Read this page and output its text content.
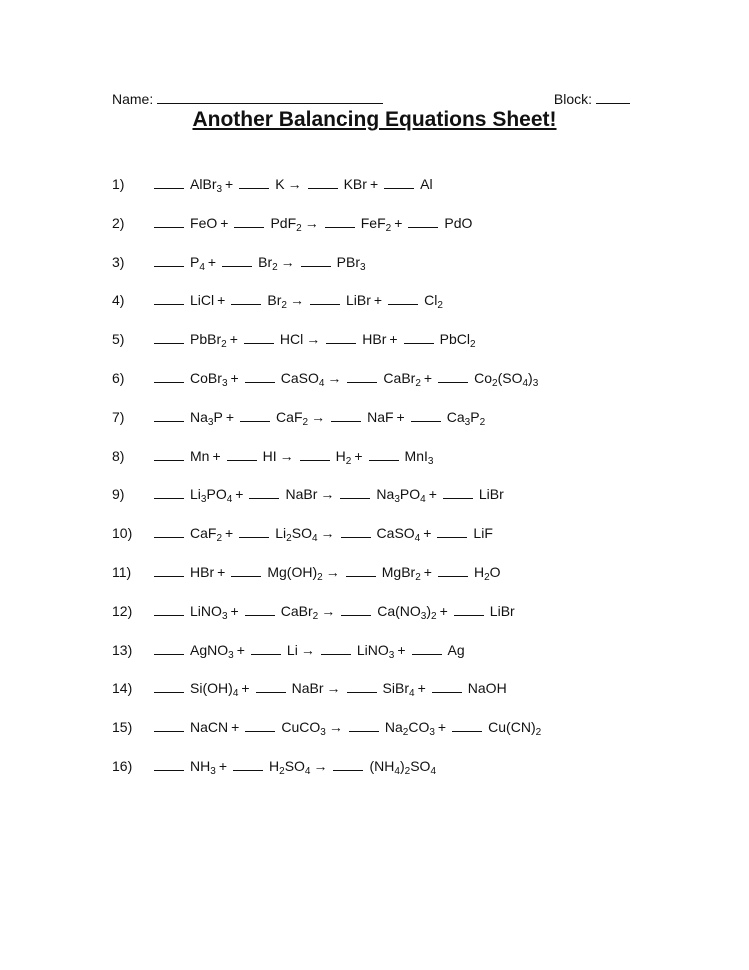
Name:	Block:
Another Balancing Equations Sheet!
1)	AlBr$_3$ +	K →	KBr +	Al
2)	FeO +	PdF$_2$ →	FeF$_2$ +	PdO
3)	$P_4$ +	$Br_2$ →	PBr$_3$
4)	LiCl +	$Br_2$ →	LiBr +	$Cl_2$
5)	PbBr$_2$ +	HCl →	HBr +	PbCl$_2$
6)	CoBr$_3$ +	CaSO$_4$ →	CaBr$_2$ +	$Co_2(SO_4)_3$
7)	$Na_3P$ +	CaF$_2$ →	NaF +	$Ca_3P_2$
8)	Mn +	HI →	$H_2$ +	MnI$_3$
9)	$Li_3PO_4$ +	NaBr →	$Na_3PO_4$ +	LiBr
10)	CaF$_2$ +	$Li_2SO_4$ →	CaSO$_4$ +	LiF
11)	HBr +	$Mg(OH)_2$ →	MgBr$_2$ +	$H_2O$
12)	LiNO$_3$ +	CaBr$_2$ →	$Ca(NO_3)_2$ +	LiBr
13)	AgNO$_3$ +	Li →	LiNO$_3$ +	Ag
14)	$Si(OH)_4$ +	NaBr →	SiBr$_4$ +	NaOH
15)	NaCN +	CuCO$_3$ →	$Na_2CO_3$ +	$Cu(CN)_2$
16)	$NH_3$ +	$H_2SO_4$ →	$(NH_4)_2SO_4$
